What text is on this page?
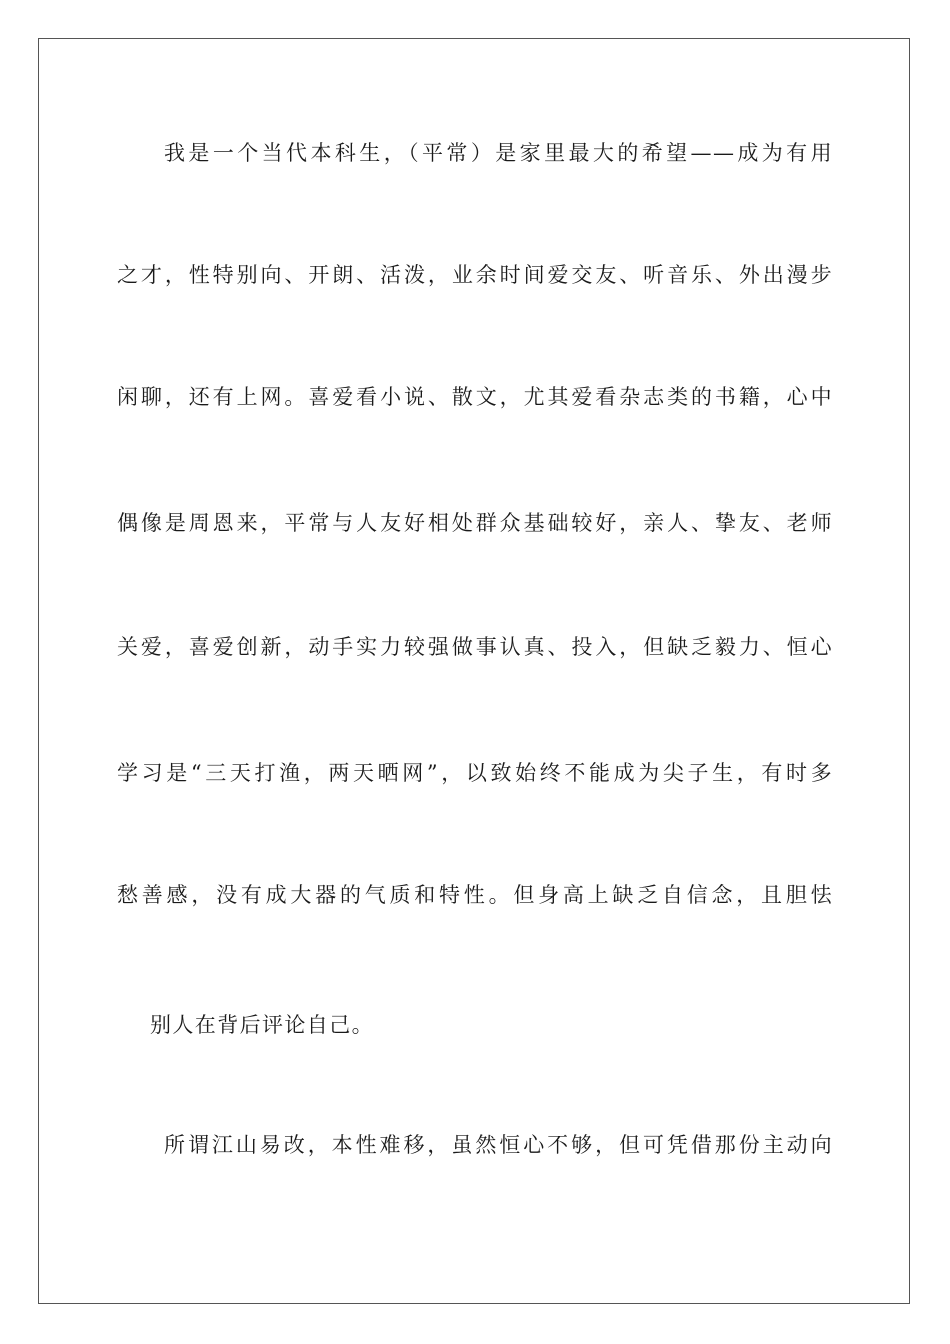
我是一个当代本科生，（平常）是家里最大的希望——成为有用
之才，性特别向、开朗、活泼，业余时间爱交友、听音乐、外出漫步
闲聊，还有上网。喜爱看小说、散文，尤其爱看杂志类的书籍，心中
偶像是周恩来，平常与人友好相处群众基础较好，亲人、挚友、老师
关爱，喜爱创新，动手实力较强做事认真、投入，但缺乏毅力、恒心
学习是“三天打渔，两天晒网”，以致始终不能成为尖子生，有时多
愁善感，没有成大器的气质和特性。但身高上缺乏自信念，且胆怯
别人在背后评论自己。
所谓江山易改，本性难移，虽然恒心不够，但可凭借那份主动向
